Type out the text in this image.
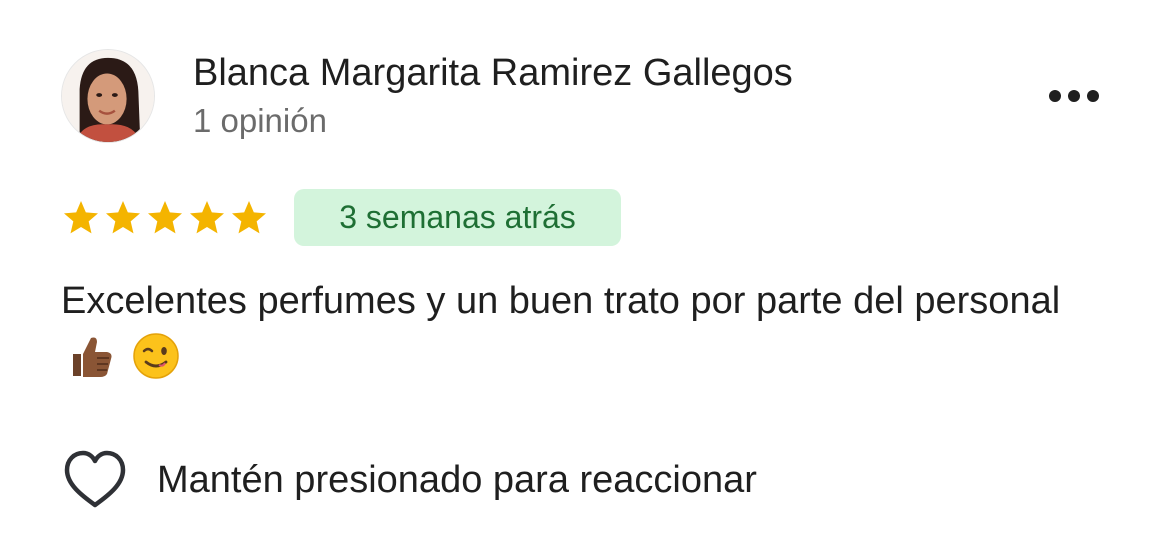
Blanca Margarita Ramirez Gallegos
1 opinión
3 semanas atrás
Excelentes perfumes y un buen trato por parte del personal
Mantén presionado para reaccionar
